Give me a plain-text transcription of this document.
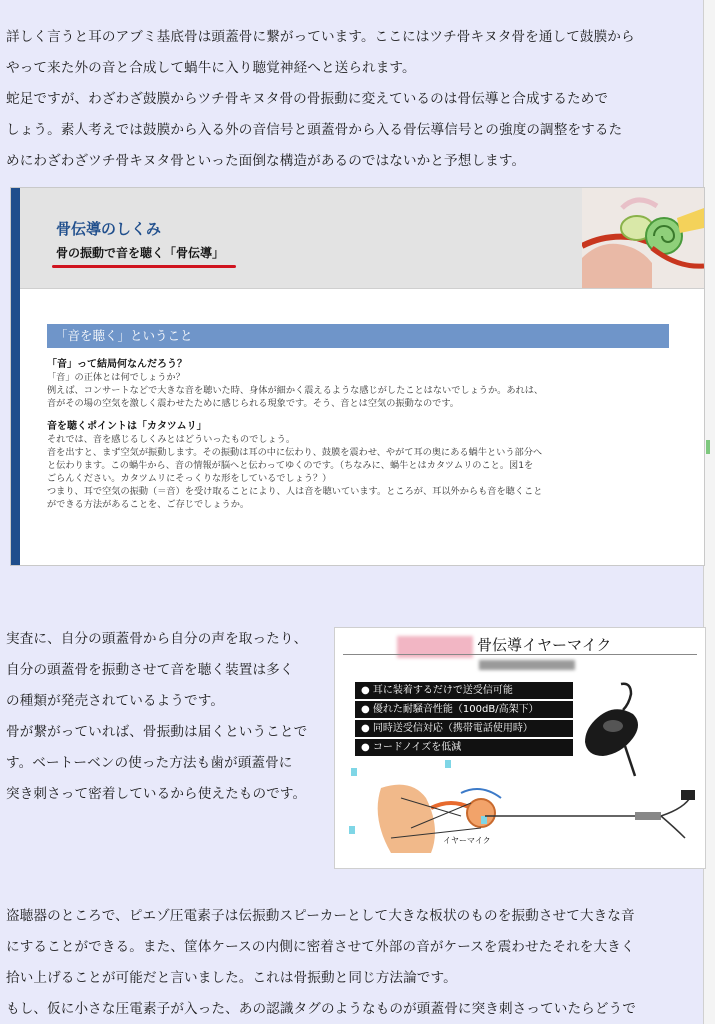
詳しく言うと耳のアブミ基底骨は頭蓋骨に繋がっています。ここにはツチ骨キヌタ骨を通して鼓膜から
やって来た外の音と合成して蝸牛に入り聴覚神経へと送られます。
蛇足ですが、わざわざ鼓膜からツチ骨キヌタ骨の骨振動に変えているのは骨伝導と合成するためで
しょう。素人考えでは鼓膜から入る外の音信号と頭蓋骨から入る骨伝導信号との強度の調整をするた
めにわざわざツチ骨キヌタ骨といった面倒な構造があるのではないかと予想します。
骨伝導のしくみ
骨の振動で音を聴く「骨伝導」
「音を聴く」ということ
「音」って結局何なんだろう？
「音」の正体とは何でしょうか？
例えば、コンサートなどで大きな音を聴いた時、身体が細かく震えるような感じがしたことはないでしょうか。あれは、
音がその場の空気を激しく震わせたために感じられる現象です。そう、音とは空気の振動なのです。
音を聴くポイントは「カタツムリ」
それでは、音を感じるしくみとはどういったものでしょう。
音を出すと、まず空気が振動します。その振動は耳の中に伝わり、鼓膜を震わせ、やがて耳の奥にある蝸牛という部分へ
と伝わります。この蝸牛から、音の情報が脳へと伝わってゆくのです。（ちなみに、蝸牛とはカタツムリのこと。図1を
ごらんください。カタツムリにそっくりな形をしているでしょう？）
つまり、耳で空気の振動（＝音）を受け取ることにより、人は音を聴いています。ところが、耳以外からも音を聴くこと
ができる方法があることを、ご存じでしょうか。
実査に、自分の頭蓋骨から自分の声を取ったり、
自分の頭蓋骨を振動させて音を聴く装置は多く
の種類が発売されているようです。
骨が繋がっていれば、骨振動は届くということで
す。ベートーベンの使った方法も歯が頭蓋骨に
突き刺さって密着しているから使えたものです。
骨伝導イヤーマイク
● 耳に装着するだけで送受信可能
● 優れた耐騒音性能（100dB/高架下）
● 同時送受信対応（携帯電話使用時）
● コードノイズを低減

イヤーマイク
盗聴器のところで、ピエゾ圧電素子は伝振動スピーカーとして大きな板状のものを振動させて大きな音
にすることができる。また、筐体ケースの内側に密着させて外部の音がケースを震わせたそれを大きく
拾い上げることが可能だと言いました。これは骨振動と同じ方法論です。
もし、仮に小さな圧電素子が入った、あの認識タグのようなものが頭蓋骨に突き刺さっていたらどうで
